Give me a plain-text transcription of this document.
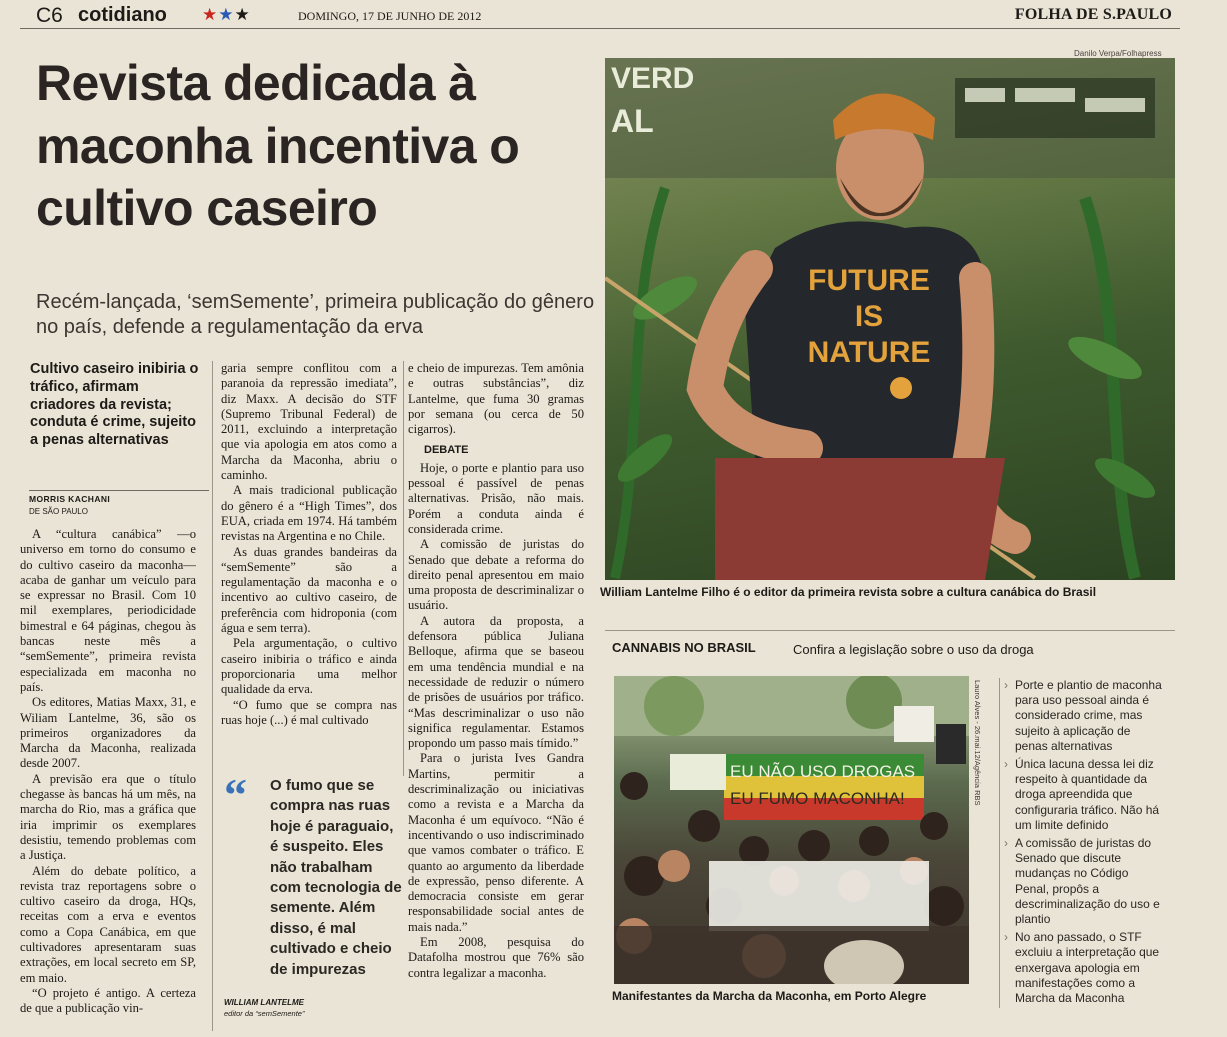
C6 cotidiano ★★★	DOMINGO, 17 DE JUNHO DE 2012	FOLHA DE S.PAULO
Revista dedicada à maconha incentiva o cultivo caseiro

Recém-lançada, ‘semSemente’, primeira publicação do gênero no país, defende a regulamentação da erva

Danilo Verpa/Folhapress
VERD
AL
FUTURE
IS
NATURE
William Lantelme Filho é o editor da primeira revista sobre a cultura canábica do Brasil

Cultivo caseiro inibiria o tráfico, afirmam criadores da revista; conduta é crime, sujeito a penas alternativas

MORRIS KACHANI
DE SÃO PAULO

A “cultura canábica” —o universo em torno do consumo e do cultivo caseiro da maconha—acaba de ganhar um veículo para se expressar no Brasil. Com 10 mil exemplares, periodicidade bimestral e 64 páginas, chegou às bancas neste mês a “semSemente”, primeira revista especializada em maconha no país.

Os editores, Matias Maxx, 31, e Wiliam Lantelme, 36, são os primeiros organizadores da Marcha da Maconha, realizada desde 2007.

A previsão era que o título chegasse às bancas há um mês, na marcha do Rio, mas a gráfica que iria imprimir os exemplares desistiu, temendo problemas com a Justiça.

Além do debate político, a revista traz reportagens sobre o cultivo caseiro da droga, HQs, receitas com a erva e eventos como a Copa Canábica, em que cultivadores apresentaram suas extrações, em local secreto em SP, em maio.

“O projeto é antigo. A certeza de que a publicação vin-

garia sempre conflitou com a paranoia da repressão imediata”, diz Maxx. A decisão do STF (Supremo Tribunal Federal) de 2011, excluindo a interpretação que via apologia em atos como a Marcha da Maconha, abriu o caminho.

A mais tradicional publicação do gênero é a “High Times”, dos EUA, criada em 1974. Há também revistas na Argentina e no Chile.

As duas grandes bandeiras da “semSemente” são a regulamentação da maconha e o incentivo ao cultivo caseiro, de preferência com hidroponia (com água e sem terra).

Pela argumentação, o cultivo caseiro inibiria o tráfico e ainda proporcionaria uma melhor qualidade da erva.

“O fumo que se compra nas ruas hoje (...) é mal cultivado

“	O fumo que se compra nas ruas hoje é paraguaio, é suspeito. Eles não trabalham com tecnologia de semente. Além disso, é mal cultivado e cheio de impurezas

WILLIAM LANTELME
editor da “semSemente”

e cheio de impurezas. Tem amônia e outras substâncias”, diz Lantelme, que fuma 30 gramas por semana (ou cerca de 50 cigarros).

DEBATE

Hoje, o porte e plantio para uso pessoal é passível de penas alternativas. Prisão, não mais. Porém a conduta ainda é considerada crime.

A comissão de juristas do Senado que debate a reforma do direito penal apresentou em maio uma proposta de descriminalizar o usuário.

A autora da proposta, a defensora pública Juliana Belloque, afirma que se baseou em uma tendência mundial e na necessidade de reduzir o número de prisões de usuários por tráfico. “Mas descriminalizar o uso não significa regulamentar. Estamos propondo um passo mais tímido.”

Para o jurista Ives Gandra Martins, permitir a descriminalização ou iniciativas como a revista e a Marcha da Maconha é um equívoco. “Não é incentivando o uso indiscriminado que vamos combater o tráfico. E quanto ao argumento da liberdade de expressão, penso diferente. A democracia consiste em gerar responsabilidade social antes de mais nada.”

Em 2008, pesquisa do Datafolha mostrou que 76% são contra legalizar a maconha.

CANNABIS NO BRASIL	Confira a legislação sobre o uso da droga
EU NÃO USO DROGAS
EU FUMO MACONHA!	Lauro Alves - 26.mai.12/Agência RBS
Manifestantes da Marcha da Maconha, em Porto Alegre
› Porte e plantio de maconha para uso pessoal ainda é considerado crime, mas sujeito à aplicação de penas alternativas
› Única lacuna dessa lei diz respeito à quantidade da droga apreendida que configuraria tráfico. Não há um limite definido
› A comissão de juristas do Senado que discute mudanças no Código Penal, propôs a descriminalização do uso e plantio
› No ano passado, o STF excluiu a interpretação que enxergava apologia em manifestações como a Marcha da Maconha
